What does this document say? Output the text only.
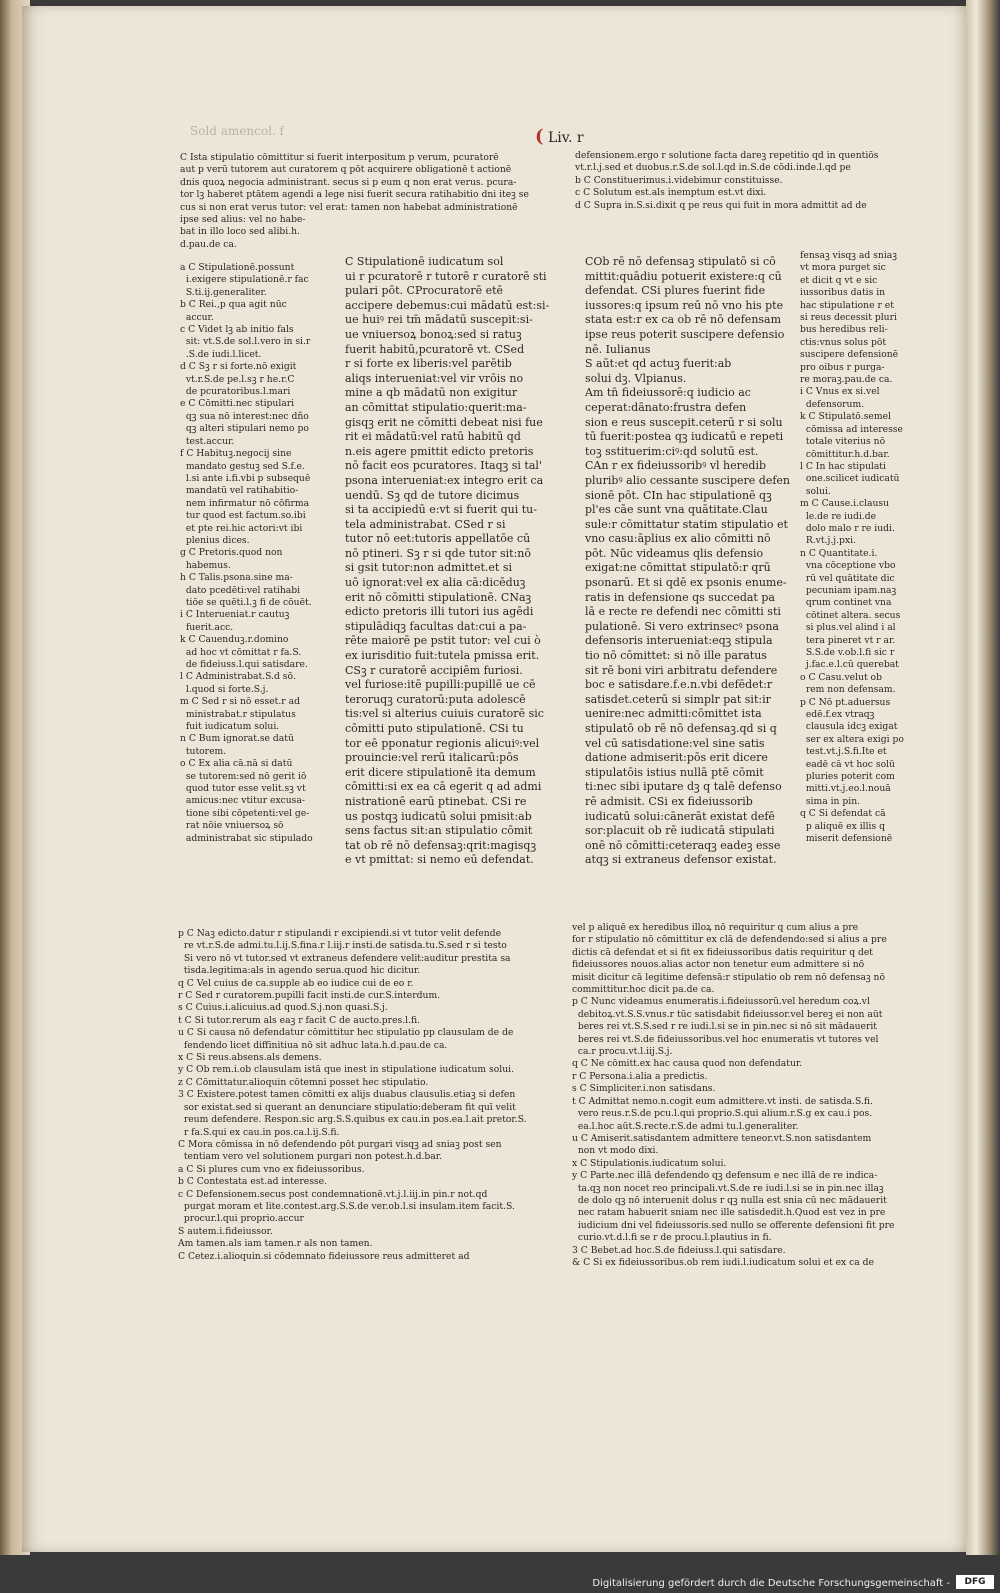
Sold amencol. f	( Liv. r
C Ista stipulatio cōmittitur si fuerit interpositum p verum, pcuratorē
aut p verū tutorem aut curatorem q pōt acquirere obligationē t actionē
dnis quoꝝ negocia administrant. secus si p eum q non erat verus. pcura-
tor lꝫ haberet ptātem agendi a lege nisi fuerit secura ratihabitio dni iteꝫ se
cus si non erat verus tutor: vel erat: tamen non habebat administrationē
ipse sed alius: vel no habe-
bat in illo loco sed alibi.h.
d.pau.de ca.
a C Stipulationē.possunt
i.exigere stipulationē.r fac
S.ti.ij.generaliter.
b C Rei.,p qua agit nūc
accur.
c C Videt lꝫ ab initio fals
sit: vt.S.de sol.l.vero in si.r
.S.de iudi.l.licet.
d C Sꝫ r si forte.nō exigit
vt.r.S.de pe.l.sꝫ r he.r.C
de pcuratoribus.l.mari
e C Cōmitti.nec stipulari
qꝫ sua nō interest:nec dño
qꝫ alteri stipulari nemo po
test.accur.
f C Habituꝫ.negocij sine
mandato gestuꝫ sed S.f.e.
l.si ante i.fi.vbi p subsequē
mandatū vel ratihabitio-
nem infirmatur nō cōfirma
tur quod est factum.so.ibi
et pte rei.hic actori:vt ibi
plenius dices.
g C Pretoris.quod non
habemus.
h C Talis.psona.sine ma-
dato pcedēti:vel ratihabi
tiōe se quēti.l.ꝫ fi de cōuēt.
i C Interueniat.r cautuꝫ
fuerit.acc.
k C Cauenduꝫ.r.domino
ad hoc vt cōmittat r fa.S.
de fideiuss.l.qui satisdare.
l C Administrabat.S.d sō.
l.quod si forte.S.j.
m C Sed r si nō esset.r ad
ministrabat.r stipulatus
fuit iudicatum solui.
n C Bum ignorat.se datū
tutorem.
o C Ex alia cā.nā si datū
se tutorem:sed nō gerit iō
quod tutor esse velit.sꝫ vt
amicus:nec vtitur excusa-
tione sibi cōpetenti:vel ge-
rat nōie vniuersoꝝ sō
administrabat sic stipulado
C Stipulationē iudicatum sol
ui r pcuratorē r tutorē r curatorē sti
pulari pōt. CProcuratorē etē
accipere debemus:cui mādatū est:si-
ue huiꝰ rei tm̄ mādatū suscepit:si-
ue vniuersoꝝ bonoꝝ:sed si ratuꝫ
fuerit habitū,pcuratorē vt. CSed
r si forte ex liberis:vel parētib
aliqs interueniat:vel vir vrōis no
mine a qb mādatū non exigitur
an cōmittat stipulatio:querit:ma-
gisqꝫ erit ne cōmitti debeat nisi fue
rit ei mādatū:vel ratū habitū qd
n.eis agere pmittit edicto pretoris
nō facit eos pcuratores. Itaqꝫ si tal'
psona interueniat:ex integro erit ca
uendū. Sꝫ qd de tutore dicimus
si ta accipiedū e:vt si fuerit qui tu-
tela administrabat. CSed r si
tutor nō eet:tutoris appellatōe cū
nō ptineri. Sꝫ r si qde tutor sit:nō
si gsit tutor:non admittet.et si
uō ignorat:vel ex alia cā:dicēduꝫ
erit nō cōmitti stipulationē. CNaꝫ
edicto pretoris illi tutori ius agēdi
stipulādiqꝫ facultas dat:cui a pa-
rēte maiorē pe pstit tutor: vel cui ò
ex iurisditio fuit:tutela pmissa erit.
CSꝫ r curatorē accipiēm furiosi.
vel furiose:itē pupilli:pupillē ue cē
teroruqꝫ curatorū:puta adolescē
tis:vel si alterius cuiuis curatorē sic
cōmitti puto stipulationē. CSi tu
tor eē pponatur regionis alicuiꝰ:vel
prouincie:vel rerū italicarū:pōs
erit dicere stipulationē ita demum
cōmitti:si ex ea cā egerit q ad admi
nistrationē earū ptinebat. CSi re
us postqꝫ iudicatū solui pmisit:ab
sens factus sit:an stipulatio cōmit
tat ob rē nō defensaꝫ:qrit:magisqꝫ
e vt pmittat: si nemo eū defendat.
defensionem.ergo r solutione facta dareꝫ repetitio qd in quentiōs
vt.r.l.j.sed et duobus.r.S.de sol.l.qd in.S.de cōdi.inde.l.qd pe
b C Constituerimus.i.videbimur constituisse.
c C Solutum est.als inemptum est.vt dixi.
d C Supra in.S.si.dixit q pe reus qui fuit in mora admittit ad de
COb rē nō defensaꝫ stipulatō si cō
mittit:quādiu potuerit existere:q cū
defendat. CSi plures fuerint fide
iussores:q ipsum reū nō vno his pte
stata est:r ex ca ob rē nō defensam
ipse reus poterit suscipere defensio
nē. Iulianus
S aūt:et qd actuꝫ fuerit:ab
solui dꝫ. Vlpianus.
Am tn̄ fideiussorē:q iudicio ac
ceperat:dānato:frustra defen
sion e reus suscepit.ceterū r si solu
tū fuerit:postea qꝫ iudicatū e repeti
toꝫ sstituerim:ciꝰ:qd solutū est.
CAn r ex fideiussoribꝰ vl heredib
pluribꝰ alio cessante suscipere defen
sionē pōt. CIn hac stipulationē qꝫ
pl'es cāe sunt vna quātitate.Clau
sule:r cōmittatur statim stipulatio et
vno casu:āplius ex alio cōmitti nō
pōt. Nūc videamus qlis defensio
exigat:ne cōmittat stipulatō:r qrū
psonarū. Et si qdē ex psonis enume-
ratis in defensione qs succedat pa
lā e recte re defendi nec cōmitti sti
pulationē. Si vero extrinsecꝰ psona
defensoris interueniat:eqꝫ stipula
tio nō cōmittet: si nō ille paratus
sit rē boni viri arbitratu defendere
boc e satisdare.f.e.n.vbi defēdet:r
satisdet.ceterū si simplr pat sit:ir
uenire:nec admitti:cōmittet ista
stipulatō ob rē nō defensaꝫ.qd si q
vel cū satisdatione:vel sine satis
datione admiserit:pōs erit dicere
stipulatōis istius nullā ptē cōmit
ti:nec sibi iputare dꝫ q talē defenso
rē admisit. CSi ex fideiussorib
iudicatū solui:cānerāt existat defē
sor:placuit ob rē iudicatā stipulati
onē nō cōmitti:ceteraqꝫ eadeꝫ esse
atqꝫ si extraneus defensor existat.
fensaꝫ visqꝫ ad sniaꝫ
vt mora purget sic
et dicit q vt e sic
iussoribus datis in
hac stipulatione r et
si reus decessit pluri
bus heredibus reli-
ctis:vnus solus pōt
suscipere defensionē
pro oibus r purga-
re moraꝫ.pau.de ca.
i C Vnus ex si.vel
defensorum.
k C Stipulatō.semel
cōmissa ad interesse
totale viterius nō
cōmittitur.h.d.bar.
l C In hac stipulati
one.scilicet iudicatū
solui.
m C Cause.i.clausu
le.de re iudi.de
dolo malo r re iudi.
R.vt.j.j.pxi.
n C Quantitate.i.
vna cōceptione vbo
rū vel quātitate dic
pecuniam ipam.naꝫ
qrum continet vna
cōtinet altera. secus
si plus.vel alind i al
tera pineret vt r ar.
S.S.de v.ob.l.fi sic r
j.fac.e.l.cū querebat
o C Casu.velut ob
rem non defensam.
p C Nō pt.aduersus
edē.f.ex vtraqꝫ
clausula idcꝫ exigat
ser ex altera exigi po
test.vt.j.S.fi.Ite et
eadē cā vt hoc solū
pluries poterit com
mitti.vt.j.eo.l.nouā
sima in pin.
q C Si defendat cā
p aliquē ex illis q
miserit defensionē
p C Naꝫ edicto.datur r stipulandi r excipiendi.si vt tutor velit defende
re vt.r.S.de admi.tu.l.ij.S.fina.r l.iij.r insti.de satisda.tu.S.sed r si testo
Si vero nō vt tutor.sed vt extraneus defendere velit:auditur prestita sa
tisda.legitima:als in agendo serua.quod hic dicitur.
q C Vel cuius de ca.supple ab eo iudice cui de eo r.
r C Sed r curatorem.pupilli facit insti.de cur.S.interdum.
s C Cuius.i.alicuius.ad quod.S.j.non quasi.S.j.
t C Si tutor.rerum als eaꝫ r facit C de aucto.pres.l.fi.
u C Si causa nō defendatur cōmittitur hec stipulatio pp clausulam de de
fendendo licet diffinitiua nō sit adhuc lata.h.d.pau.de ca.
x C Si reus.absens.als demens.
y C Ob rem.i.ob clausulam istā que inest in stipulatione iudicatum solui.
z C Cōmittatur.alioquin cōtemni posset hec stipulatio.
3 C Existere.potest tamen cōmitti ex alijs duabus clausulis.etiaꝫ si defen
sor existat.sed si querant an denunciare stipulatio:deberam fit quī velit
reum defendere. Respon.sic arg.S.S.quibus ex cau.in pos.ea.l.ait pretor.S.
r fa.S.qui ex cau.in pos.ca.l.ij.S.fi.
C Mora cōmissa in nō defendendo pōt purgari visqꝫ ad sniaꝫ post sen
tentiam vero vel solutionem purgari non potest.h.d.bar.
a C Si plures cum vno ex fideiussoribus.
b C Contestata est.ad interesse.
c C Defensionem.secus post condemnationē.vt.j.l.iij.in pin.r not.qd
purgat moram et lite.contest.arg.S.S.de ver.ob.l.si insulam.item facit.S.
procur.l.qui proprio.accur
S autem.i.fideiussor.
Am tamen.als iam tamen.r als non tamen.
C Cetez.i.alioquin.si cōdemnato fideiussore reus admitteret ad
vel p aliquē ex heredibus illoꝝ nō requiritur q cum alius a pre
for r stipulatio nō cōmittitur ex clā de defendendo:sed si alius a pre
dictis cā defendat et si fit ex fideiussoribus datis requiritur q det
fideiussores nouos.alias actor non tenetur eum admittere si nō
misit dicitur cā legitime defensā:r stipulatio ob rem nō defensaꝫ nō
committitur.hoc dicit pa.de ca.
p C Nunc videamus enumeratis.i.fideiussorū.vel heredum coꝝ.vl
debitoꝝ.vt.S.S.vnus.r tūc satisdabit fideiussor.vel bereꝫ ei non aūt
beres rei vt.S.S.sed r re iudi.l.si se in pin.nec si nō sit mādauerit
beres rei vt.S.de fideiussoribus.vel hoc enumeratis vt tutores vel
ca.r procu.vt.l.iij.S.j.
q C Ne cōmitt.ex hac causa quod non defendatur.
r C Persona.i.alia a predictis.
s C Simpliciter.i.non satisdans.
t C Admittat nemo.n.cogit eum admittere.vt insti. de satisda.S.fi.
vero reus.r.S.de pcu.l.qui proprio.S.qui alium.r.S.g ex cau.i pos.
ea.l.hoc aūt.S.recte.r.S.de admi tu.l.generaliter.
u C Amiserit.satisdantem admittere teneor.vt.S.non satisdantem
non vt modo dixi.
x C Stipulationis.iudicatum solui.
y C Parte.nec illā defendendo qꝫ defensum e nec illā de re indica-
ta.qꝫ non nocet reo principali.vt.S.de re iudi.l.si se in pin.nec illaꝫ
de dolo qꝫ nō interuenit dolus r qꝫ nulla est snia cū nec mādauerit
nec ratam habuerit sniam nec ille satisdedit.h.Quod est vez in pre
iudicium dni vel fideiussoris.sed nullo se offerente defensioni fit pre
curio.vt.d.l.fi se r de procu.l.plautius in fi.
3 C Bebet.ad hoc.S.de fideiuss.l.qui satisdare.
& C Si ex fideiussoribus.ob rem iudi.l.iudicatum solui et ex ca de
Digitalisierung gefördert durch die Deutsche Forschungsgemeinschaft -	DFG
